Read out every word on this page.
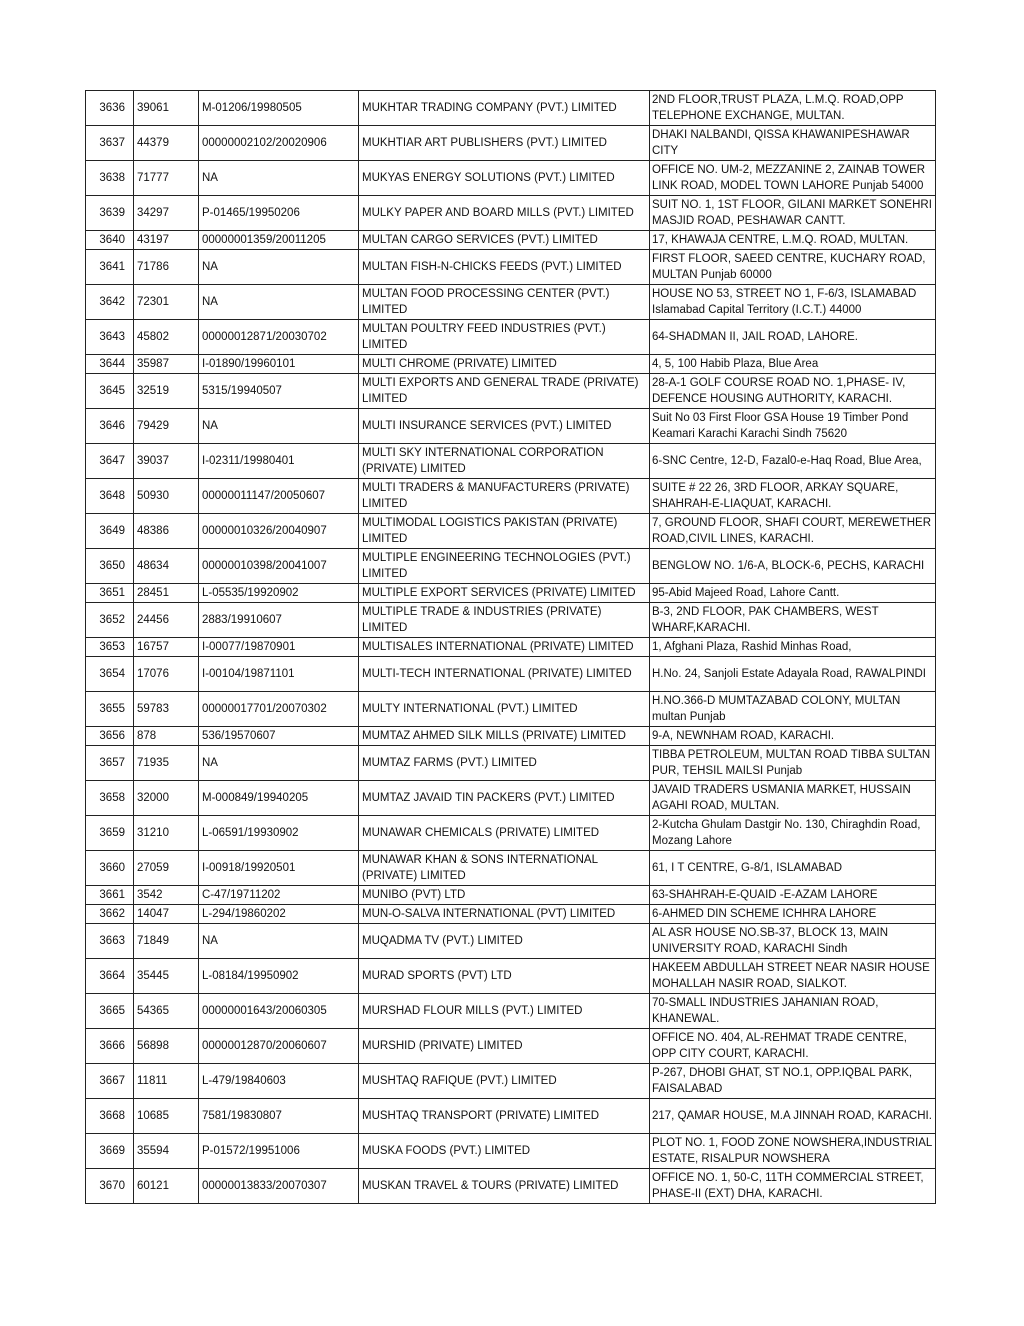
3636	39061	M-01206/19980505	MUKHTAR TRADING COMPANY (PVT.) LIMITED	2ND FLOOR,TRUST PLAZA, L.M.Q. ROAD,OPP TELEPHONE EXCHANGE, MULTAN.
3637	44379	00000002102/20020906	MUKHTIAR ART PUBLISHERS (PVT.) LIMITED	DHAKI NALBANDI, QISSA KHAWANIPESHAWAR CITY
3638	71777	NA	MUKYAS ENERGY SOLUTIONS (PVT.) LIMITED	OFFICE NO. UM-2, MEZZANINE 2, ZAINAB TOWER LINK ROAD, MODEL TOWN LAHORE Punjab 54000
3639	34297	P-01465/19950206	MULKY PAPER AND BOARD MILLS (PVT.) LIMITED	SUIT NO. 1, 1ST FLOOR, GILANI MARKET SONEHRI MASJID ROAD, PESHAWAR CANTT.
3640	43197	00000001359/20011205	MULTAN CARGO SERVICES (PVT.) LIMITED	17, KHAWAJA CENTRE, L.M.Q. ROAD, MULTAN.
3641	71786	NA	MULTAN FISH-N-CHICKS FEEDS (PVT.) LIMITED	FIRST FLOOR, SAEED CENTRE, KUCHARY ROAD, MULTAN Punjab 60000
3642	72301	NA	MULTAN FOOD PROCESSING CENTER (PVT.) LIMITED	HOUSE NO 53, STREET NO 1, F-6/3, ISLAMABAD Islamabad Capital Territory (I.C.T.) 44000
3643	45802	00000012871/20030702	MULTAN POULTRY FEED INDUSTRIES (PVT.) LIMITED	64-SHADMAN II, JAIL ROAD, LAHORE.
3644	35987	I-01890/19960101	MULTI CHROME (PRIVATE) LIMITED	4, 5, 100 Habib Plaza, Blue Area
3645	32519	5315/19940507	MULTI EXPORTS AND GENERAL TRADE (PRIVATE) LIMITED	28-A-1 GOLF COURSE ROAD NO. 1,PHASE- IV, DEFENCE HOUSING AUTHORITY, KARACHI.
3646	79429	NA	MULTI INSURANCE SERVICES (PVT.) LIMITED	Suit No 03 First Floor GSA House 19 Timber Pond Keamari Karachi Karachi Sindh 75620
3647	39037	I-02311/19980401	MULTI SKY INTERNATIONAL CORPORATION (PRIVATE) LIMITED	6-SNC Centre, 12-D, Fazal0-e-Haq Road, Blue Area,
3648	50930	00000011147/20050607	MULTI TRADERS & MANUFACTURERS (PRIVATE) LIMITED	SUITE # 22 26, 3RD FLOOR, ARKAY SQUARE, SHAHRAH-E-LIAQUAT, KARACHI.
3649	48386	00000010326/20040907	MULTIMODAL LOGISTICS PAKISTAN (PRIVATE) LIMITED	7, GROUND FLOOR, SHAFI COURT, MEREWETHER ROAD,CIVIL LINES, KARACHI.
3650	48634	00000010398/20041007	MULTIPLE ENGINEERING TECHNOLOGIES (PVT.) LIMITED	BENGLOW NO. 1/6-A, BLOCK-6, PECHS, KARACHI
3651	28451	L-05535/19920902	MULTIPLE EXPORT SERVICES (PRIVATE) LIMITED	95-Abid Majeed Road, Lahore Cantt.
3652	24456	2883/19910607	MULTIPLE TRADE & INDUSTRIES (PRIVATE) LIMITED	B-3, 2ND FLOOR, PAK CHAMBERS, WEST WHARF,KARACHI.
3653	16757	I-00077/19870901	MULTISALES INTERNATIONAL (PRIVATE) LIMITED	1, Afghani Plaza, Rashid Minhas Road,
3654	17076	I-00104/19871101	MULTI-TECH INTERNATIONAL (PRIVATE) LIMITED	H.No. 24, Sanjoli Estate Adayala Road, RAWALPINDI
3655	59783	00000017701/20070302	MULTY INTERNATIONAL (PVT.) LIMITED	H.NO.366-D MUMTAZABAD COLONY, MULTAN multan Punjab
3656	878	536/19570607	MUMTAZ AHMED SILK MILLS (PRIVATE) LIMITED	9-A, NEWNHAM ROAD, KARACHI.
3657	71935	NA	MUMTAZ FARMS (PVT.) LIMITED	TIBBA PETROLEUM, MULTAN ROAD TIBBA SULTAN PUR, TEHSIL MAILSI Punjab
3658	32000	M-000849/19940205	MUMTAZ JAVAID TIN PACKERS (PVT.) LIMITED	JAVAID TRADERS USMANIA MARKET, HUSSAIN AGAHI ROAD, MULTAN.
3659	31210	L-06591/19930902	MUNAWAR CHEMICALS (PRIVATE) LIMITED	2-Kutcha Ghulam Dastgir No. 130, Chiraghdin Road, Mozang Lahore
3660	27059	I-00918/19920501	MUNAWAR KHAN & SONS INTERNATIONAL (PRIVATE) LIMITED	61, I T CENTRE, G-8/1, ISLAMABAD
3661	3542	C-47/19711202	MUNIBO (PVT) LTD	63-SHAHRAH-E-QUAID -E-AZAM LAHORE
3662	14047	L-294/19860202	MUN-O-SALVA INTERNATIONAL (PVT) LIMITED	6-AHMED DIN SCHEME ICHHRA LAHORE
3663	71849	NA	MUQADMA TV (PVT.) LIMITED	AL ASR HOUSE NO.SB-37, BLOCK 13, MAIN UNIVERSITY ROAD, KARACHI Sindh
3664	35445	L-08184/19950902	MURAD SPORTS (PVT) LTD	HAKEEM ABDULLAH STREET NEAR NASIR HOUSE MOHALLAH NASIR ROAD, SIALKOT.
3665	54365	00000001643/20060305	MURSHAD FLOUR MILLS (PVT.) LIMITED	70-SMALL INDUSTRIES JAHANIAN ROAD, KHANEWAL.
3666	56898	00000012870/20060607	MURSHID (PRIVATE) LIMITED	OFFICE NO. 404, AL-REHMAT TRADE CENTRE, OPP CITY COURT, KARACHI.
3667	11811	L-479/19840603	MUSHTAQ RAFIQUE (PVT.) LIMITED	P-267, DHOBI GHAT, ST NO.1, OPP.IQBAL PARK, FAISALABAD
3668	10685	7581/19830807	MUSHTAQ TRANSPORT (PRIVATE) LIMITED	217, QAMAR HOUSE, M.A JINNAH ROAD, KARACHI.
3669	35594	P-01572/19951006	MUSKA FOODS (PVT.) LIMITED	PLOT NO. 1, FOOD ZONE NOWSHERA,INDUSTRIAL ESTATE, RISALPUR NOWSHERA
3670	60121	00000013833/20070307	MUSKAN TRAVEL & TOURS (PRIVATE) LIMITED	OFFICE NO. 1, 50-C, 11TH COMMERCIAL STREET, PHASE-II (EXT) DHA, KARACHI.
